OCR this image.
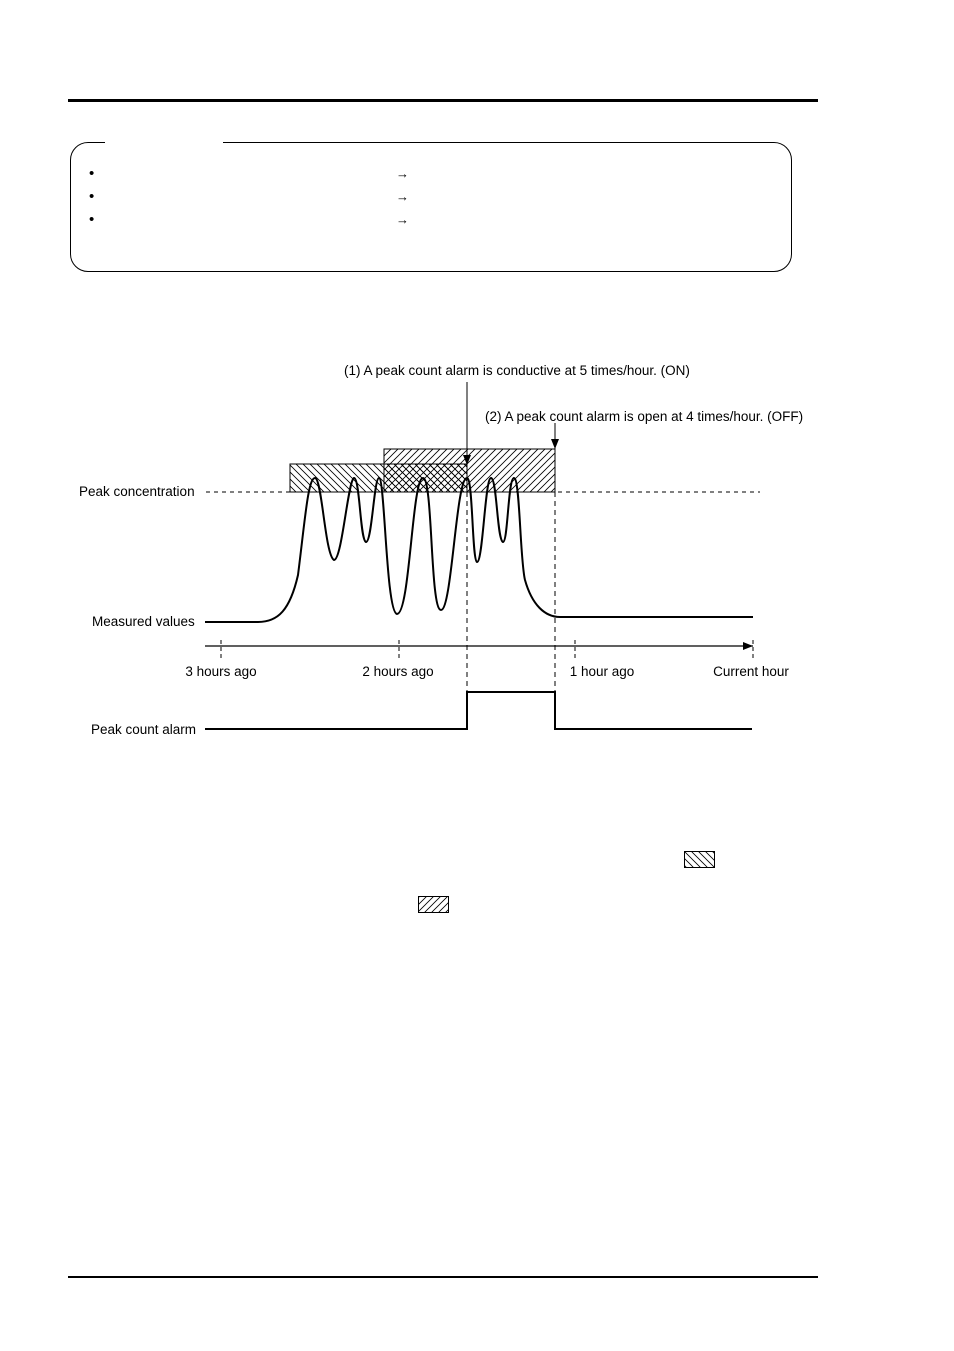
•	→
•	→
•	→
(1) A peak count alarm is conductive at 5 times/hour. (ON)
(2) A peak count alarm is open at 4 times/hour. (OFF)
Peak concentration
Measured values
Peak count alarm
3 hours ago	2 hours ago	1 hour ago	Current hour
